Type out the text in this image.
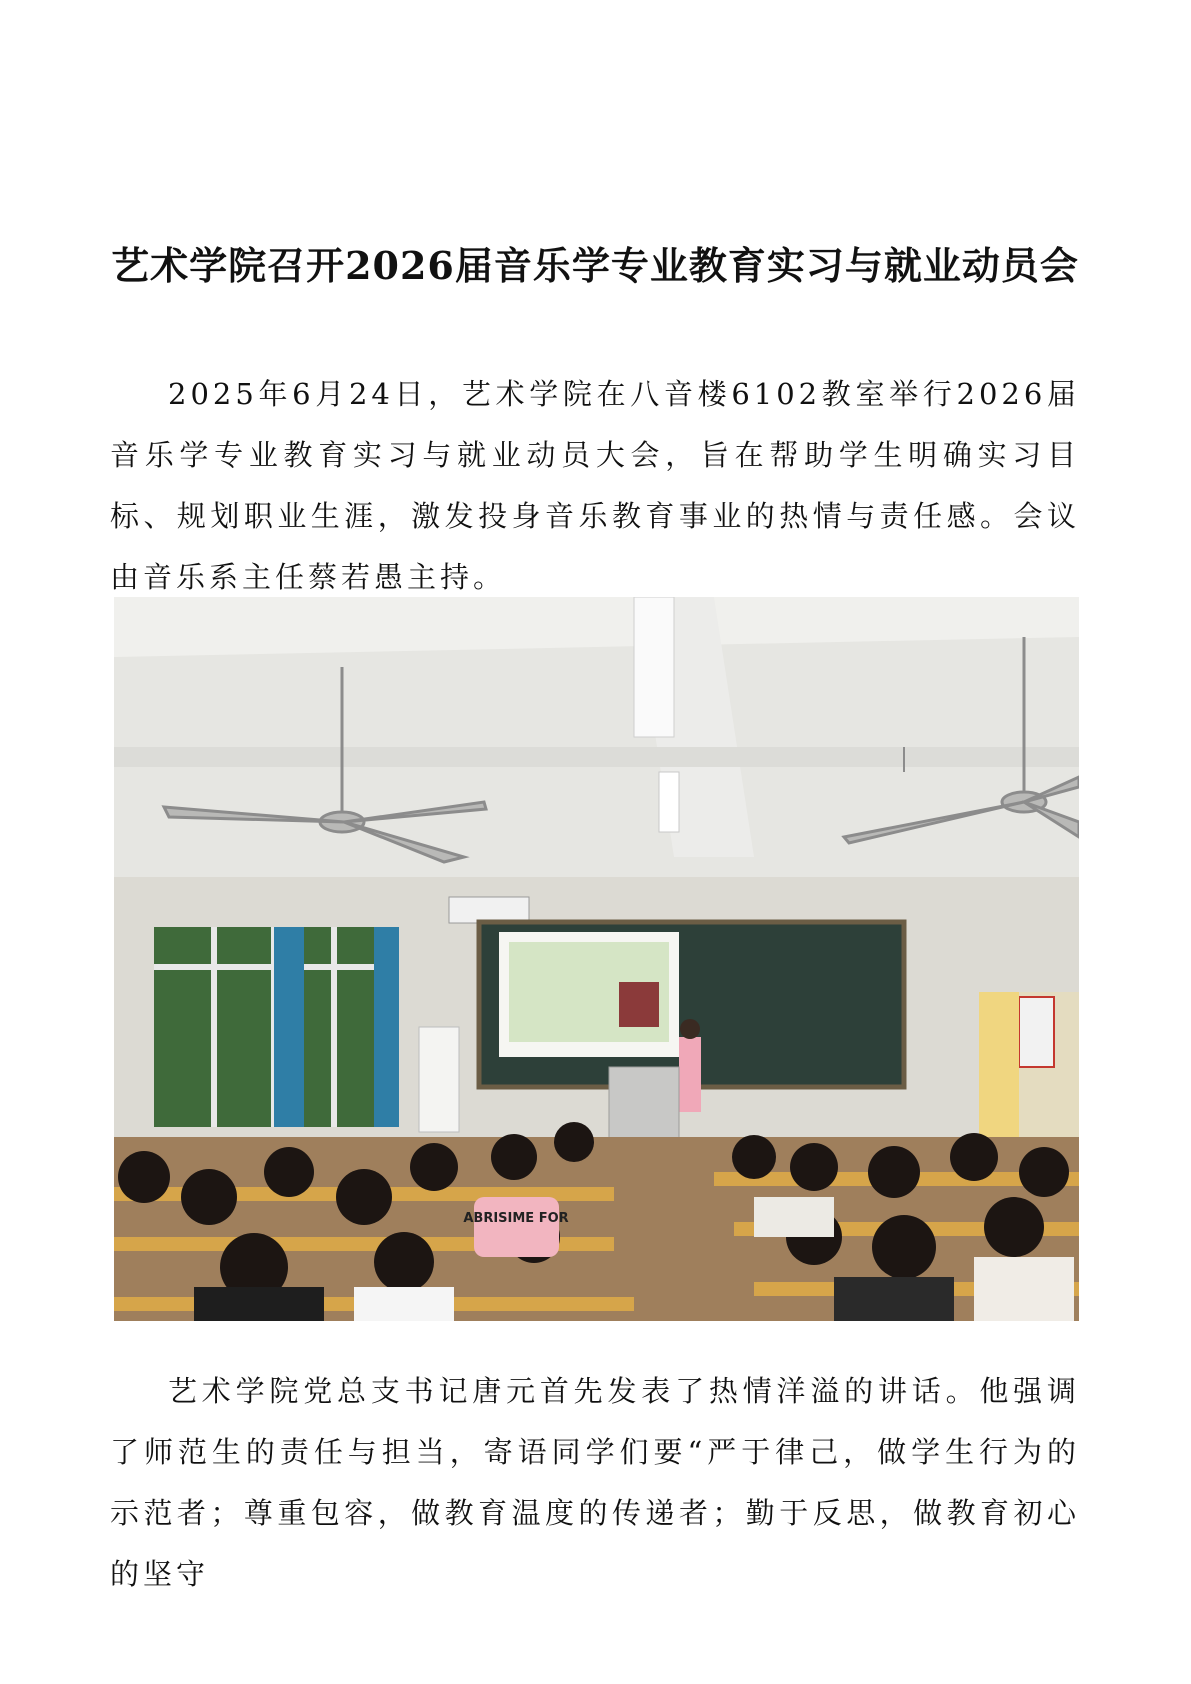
艺术学院召开2026届音乐学专业教育实习与就业动员会

2025年6月24日，艺术学院在八音楼6102教室举行2026届音乐学专业教育实习与就业动员大会，旨在帮助学生明确实习目标、规划职业生涯，激发投身音乐教育事业的热情与责任感。会议由音乐系主任蔡若愚主持。

ABRISIME FOR

艺术学院党总支书记唐元首先发表了热情洋溢的讲话。他强调了师范生的责任与担当，寄语同学们要“严于律己，做学生行为的示范者；尊重包容，做教育温度的传递者；勤于反思，做教育初心的坚守
